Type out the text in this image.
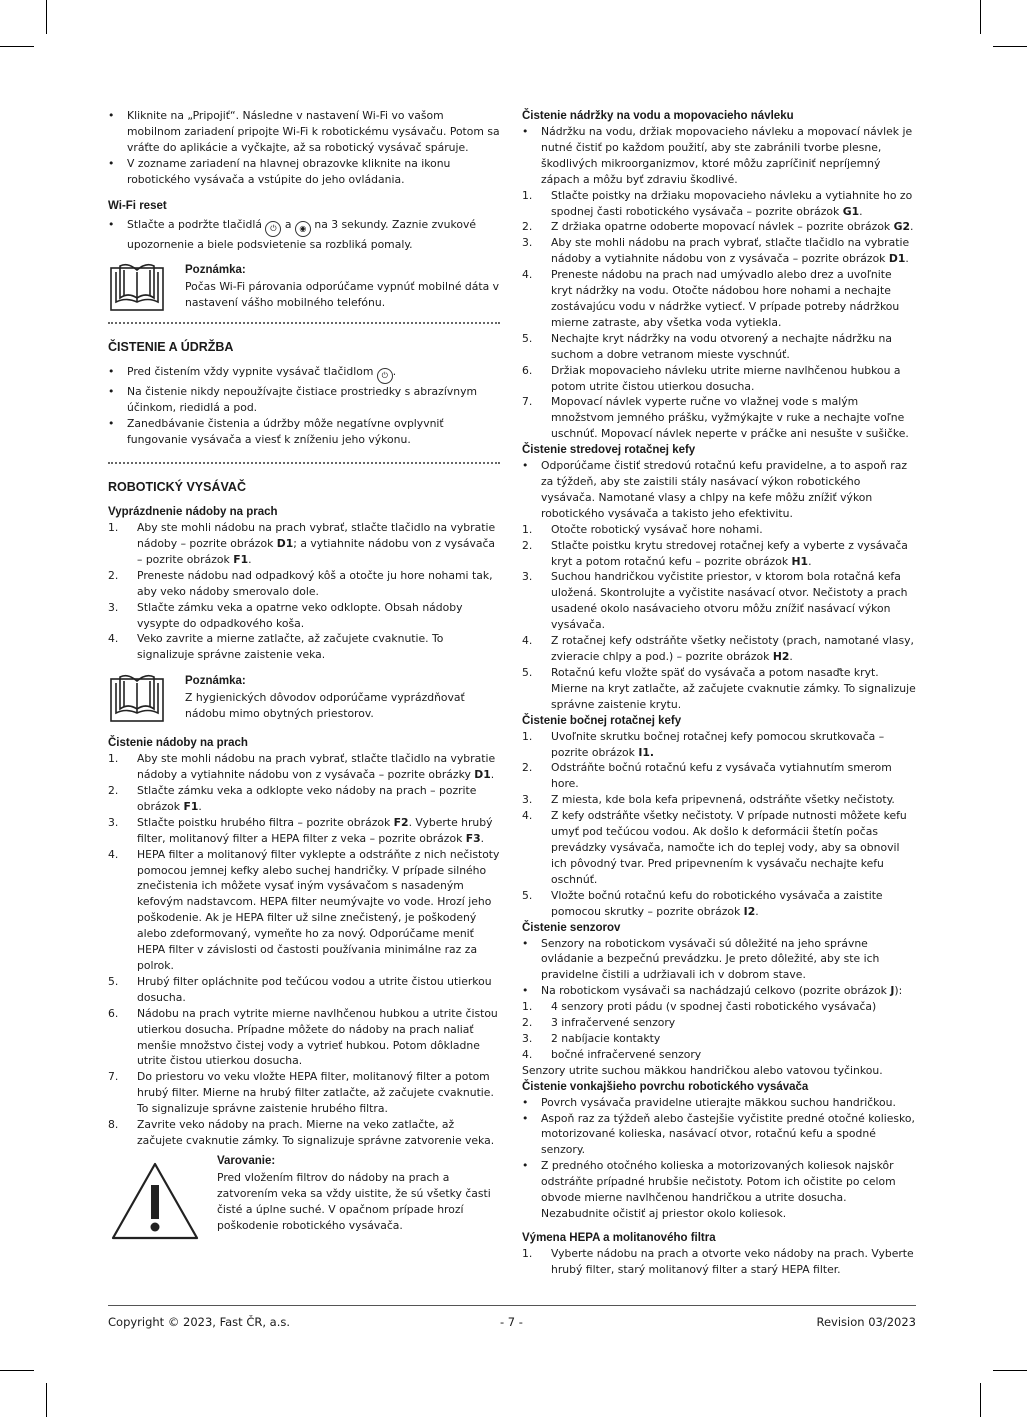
• Kliknite na „Pripojiť“. Následne v nastavení Wi-Fi vo vašom mobilnom zariadení pripojte Wi-Fi k robotickému vysávaču. Potom sa vráťte do aplikácie a vyčkajte, až sa robotický vysávač spáruje.
• V zozname zariadení na hlavnej obrazovke kliknite na ikonu robotického vysávača a vstúpite do jeho ovládania.
Wi-Fi reset
• Stlačte a podržte tlačidlá ⏻ a ◉ na 3 sekundy. Zaznie zvukové upozornenie a biele podsvietenie sa rozbliká pomaly.
Poznámka:
Počas Wi-Fi párovania odporúčame vypnúť mobilné dáta v nastavení vášho mobilného telefónu.
ČISTENIE A ÚDRŽBA
• Pred čistením vždy vypnite vysávač tlačidlom ⏻ .
• Na čistenie nikdy nepoužívajte čistiace prostriedky s abrazívnym účinkom, riedidlá a pod.
• Zanedbávanie čistenia a údržby môže negatívne ovplyvniť fungovanie vysávača a viesť k zníženiu jeho výkonu.
ROBOTICKÝ VYSÁVAČ
Vyprázdnenie nádoby na prach
1. Aby ste mohli nádobu na prach vybrať, stlačte tlačidlo na vybratie nádoby – pozrite obrázok D1; a vytiahnite nádobu von z vysávača – pozrite obrázok F1.
2. Preneste nádobu nad odpadkový kôš a otočte ju hore nohami tak, aby veko nádoby smerovalo dole.
3. Stlačte zámku veka a opatrne veko odklopte. Obsah nádoby vysypte do odpadkového koša.
4. Veko zavrite a mierne zatlačte, až začujete cvaknutie. To signalizuje správne zaistenie veka.
Poznámka:
Z hygienických dôvodov odporúčame vyprázdňovať nádobu mimo obytných priestorov.
Čistenie nádoby na prach
1. Aby ste mohli nádobu na prach vybrať, stlačte tlačidlo na vybratie nádoby a vytiahnite nádobu von z vysávača – pozrite obrázky D1.
2. Stlačte zámku veka a odklopte veko nádoby na prach – pozrite obrázok F1.
3. Stlačte poistku hrubého filtra – pozrite obrázok F2. Vyberte hrubý filter, molitanový filter a HEPA filter z veka – pozrite obrázok F3.
4. HEPA filter a molitanový filter vyklepte a odstráňte z nich nečistoty pomocou jemnej kefky alebo suchej handričky. V prípade silného znečistenia ich môžete vysať iným vysávačom s nasadeným kefovým nadstavcom. HEPA filter neumývajte vo vode. Hrozí jeho poškodenie. Ak je HEPA filter už silne znečistený, je poškodený alebo zdeformovaný, vymeňte ho za nový. Odporúčame meniť HEPA filter v závislosti od častosti používania minimálne raz za polrok.
5. Hrubý filter opláchnite pod tečúcou vodou a utrite čistou utierkou dosucha.
6. Nádobu na prach vytrite mierne navlhčenou hubkou a utrite čistou utierkou dosucha. Prípadne môžete do nádoby na prach naliať menšie množstvo čistej vody a vytrieť hubkou. Potom dôkladne utrite čistou utierkou dosucha.
7. Do priestoru vo veku vložte HEPA filter, molitanový filter a potom hrubý filter. Mierne na hrubý filter zatlačte, až začujete cvaknutie. To signalizuje správne zaistenie hrubého filtra.
8. Zavrite veko nádoby na prach. Mierne na veko zatlačte, až začujete cvaknutie zámky. To signalizuje správne zatvorenie veka.
Varovanie:
Pred vložením filtrov do nádoby na prach a zatvorením veka sa vždy uistite, že sú všetky časti čisté a úplne suché. V opačnom prípade hrozí poškodenie robotického vysávača.
Čistenie nádržky na vodu a mopovacieho návleku
• Nádržku na vodu, držiak mopovacieho návleku a mopovací návlek je nutné čistiť po každom použití, aby ste zabránili tvorbe plesne, škodlivých mikroorganizmov, ktoré môžu zapríčiniť nepríjemný zápach a môžu byť zdraviu škodlivé.
1. Stlačte poistky na držiaku mopovacieho návleku a vytiahnite ho zo spodnej časti robotického vysávača – pozrite obrázok G1.
2. Z držiaka opatrne odoberte mopovací návlek – pozrite obrázok G2.
3. Aby ste mohli nádobu na prach vybrať, stlačte tlačidlo na vybratie nádoby a vytiahnite nádobu von z vysávača – pozrite obrázok D1.
4. Preneste nádobu na prach nad umývadlo alebo drez a uvoľnite kryt nádržky na vodu. Otočte nádobou hore nohami a nechajte zostávajúcu vodu v nádržke vytiecť. V prípade potreby nádržkou mierne zatraste, aby všetka voda vytiekla.
5. Nechajte kryt nádržky na vodu otvorený a nechajte nádržku na suchom a dobre vetranom mieste vyschnúť.
6. Držiak mopovacieho návleku utrite mierne navlhčenou hubkou a potom utrite čistou utierkou dosucha.
7. Mopovací návlek vyperte ručne vo vlažnej vode s malým množstvom jemného prášku, vyžmýkajte v ruke a nechajte voľne uschnúť. Mopovací návlek neperte v práčke ani nesušte v sušičke.
Čistenie stredovej rotačnej kefy
• Odporúčame čistiť stredovú rotačnú kefu pravidelne, a to aspoň raz za týždeň, aby ste zaistili stály nasávací výkon robotického vysávača. Namotané vlasy a chlpy na kefe môžu znížiť výkon robotického vysávača a takisto jeho efektivitu.
1. Otočte robotický vysávač hore nohami.
2. Stlačte poistku krytu stredovej rotačnej kefy a vyberte z vysávača kryt a potom rotačnú kefu – pozrite obrázok H1.
3. Suchou handričkou vyčistite priestor, v ktorom bola rotačná kefa uložená. Skontrolujte a vyčistite nasávací otvor. Nečistoty a prach usadené okolo nasávacieho otvoru môžu znížiť nasávací výkon vysávača.
4. Z rotačnej kefy odstráňte všetky nečistoty (prach, namotané vlasy, zvieracie chlpy a pod.) – pozrite obrázok H2.
5. Rotačnú kefu vložte späť do vysávača a potom nasaďte kryt. Mierne na kryt zatlačte, až začujete cvaknutie zámky. To signalizuje správne zaistenie krytu.
Čistenie bočnej rotačnej kefy
1. Uvoľnite skrutku bočnej rotačnej kefy pomocou skrutkovača – pozrite obrázok I1.
2. Odstráňte bočnú rotačnú kefu z vysávača vytiahnutím smerom hore.
3. Z miesta, kde bola kefa pripevnená, odstráňte všetky nečistoty.
4. Z kefy odstráňte všetky nečistoty. V prípade nutnosti môžete kefu umyť pod tečúcou vodou. Ak došlo k deformácii štetín počas prevádzky vysávača, namočte ich do teplej vody, aby sa obnovil ich pôvodný tvar. Pred pripevnením k vysávaču nechajte kefu oschnúť.
5. Vložte bočnú rotačnú kefu do robotického vysávača a zaistite pomocou skrutky – pozrite obrázok I2.
Čistenie senzorov
• Senzory na robotickom vysávači sú dôležité na jeho správne ovládanie a bezpečnú prevádzku. Je preto dôležité, aby ste ich pravidelne čistili a udržiavali ich v dobrom stave.
• Na robotickom vysávači sa nachádzajú celkovo (pozrite obrázok J):
1. 4 senzory proti pádu (v spodnej časti robotického vysávača)
2. 3 infračervené senzory
3. 2 nabíjacie kontakty
4. bočné infračervené senzory
Senzory utrite suchou mäkkou handričkou alebo vatovou tyčinkou.
Čistenie vonkajšieho povrchu robotického vysávača
• Povrch vysávača pravidelne utierajte mäkkou suchou handričkou.
• Aspoň raz za týždeň alebo častejšie vyčistite predné otočné koliesko, motorizované kolieska, nasávací otvor, rotačnú kefu a spodné senzory.
• Z predného otočného kolieska a motorizovaných koliesok najskôr odstráňte prípadné hrubšie nečistoty. Potom ich očistite po celom obvode mierne navlhčenou handričkou a utrite dosucha. Nezabudnite očistiť aj priestor okolo koliesok.
Výmena HEPA a molitanového filtra
1. Vyberte nádobu na prach a otvorte veko nádoby na prach. Vyberte hrubý filter, starý molitanový filter a starý HEPA filter.
Copyright © 2023, Fast ČR, a.s.	- 7 -	Revision 03/2023
